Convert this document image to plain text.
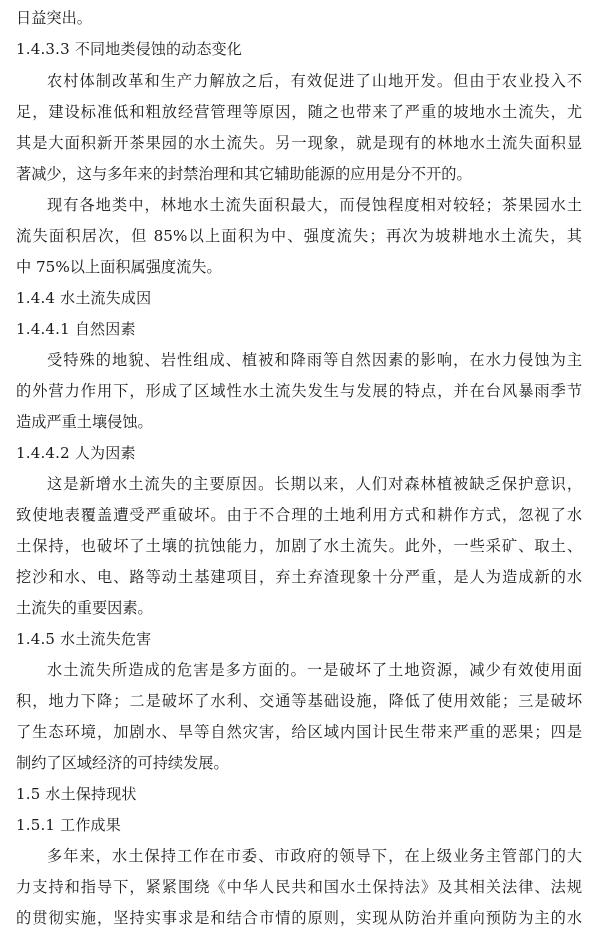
日益突出。
1.4.3.3 不同地类侵蚀的动态变化
农村体制改革和生产力解放之后，有效促进了山地开发。但由于农业投入不
足，建设标准低和粗放经营管理等原因，随之也带来了严重的坡地水土流失，尤
其是大面积新开茶果园的水土流失。另一现象，就是现有的林地水土流失面积显
著减少，这与多年来的封禁治理和其它辅助能源的应用是分不开的。
现有各地类中，林地水土流失面积最大，而侵蚀程度相对较轻；茶果园水土
流失面积居次，但 85%以上面积为中、强度流失；再次为坡耕地水土流失，其
中 75%以上面积属强度流失。
1.4.4 水土流失成因
1.4.4.1 自然因素
受特殊的地貌、岩性组成、植被和降雨等自然因素的影响，在水力侵蚀为主
的外营力作用下，形成了区域性水土流失发生与发展的特点，并在台风暴雨季节
造成严重土壤侵蚀。
1.4.4.2 人为因素
这是新增水土流失的主要原因。长期以来，人们对森林植被缺乏保护意识，
致使地表覆盖遭受严重破坏。由于不合理的土地利用方式和耕作方式，忽视了水
土保持，也破坏了土壤的抗蚀能力，加剧了水土流失。此外，一些采矿、取土、
挖沙和水、电、路等动土基建项目，弃土弃渣现象十分严重，是人为造成新的水
土流失的重要因素。
1.4.5 水土流失危害
水土流失所造成的危害是多方面的。一是破坏了土地资源，减少有效使用面
积，地力下降；二是破坏了水利、交通等基础设施，降低了使用效能；三是破坏
了生态环境，加剧水、旱等自然灾害，给区域内国计民生带来严重的恶果；四是
制约了区域经济的可持续发展。
1.5 水土保持现状
1.5.1 工作成果
多年来，水土保持工作在市委、市政府的领导下，在上级业务主管部门的大
力支持和指导下，紧紧围绕《中华人民共和国水土保持法》及其相关法律、法规
的贯彻实施，坚持实事求是和结合市情的原则，实现从防治并重向预防为主的水
